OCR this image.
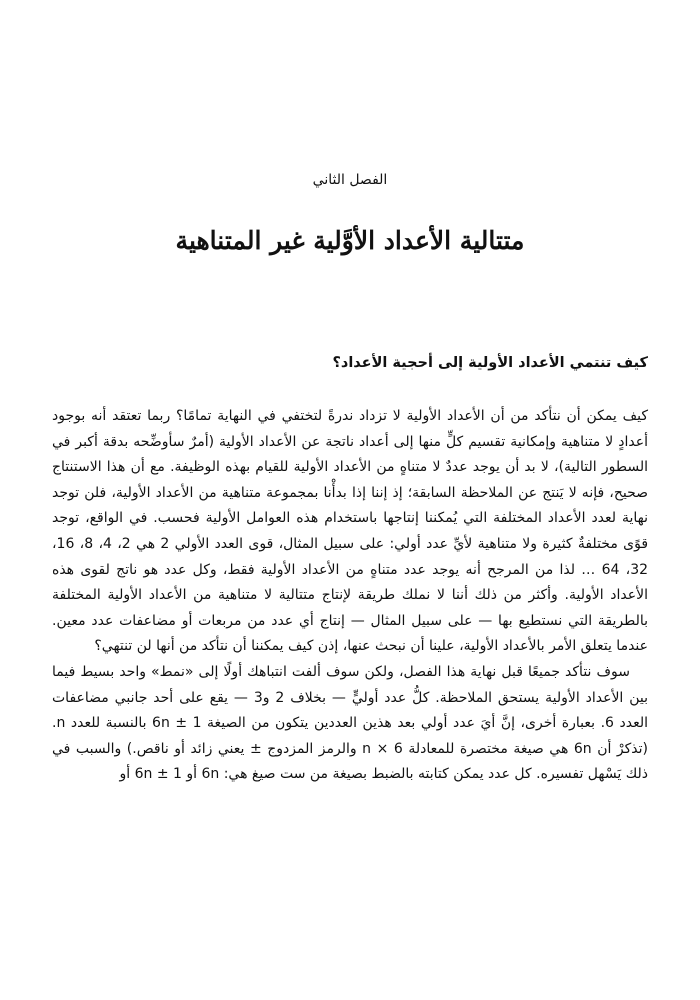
الفصل الثاني
متتالية الأعداد الأوَّلية غير المتناهية
كيف تنتمي الأعداد الأولية إلى أحجية الأعداد؟

كيف يمكن أن نتأكد من أن الأعداد الأولية لا تزداد ندرةً لتختفي في النهاية تمامًا؟ ربما تعتقد أنه بوجود أعدادٍ لا متناهية وإمكانية تقسيم كلٍّ منها إلى أعداد ناتجة عن الأعداد الأولية (أمرٌ سأوضِّحه بدقة أكبر في السطور التالية)، لا بد أن يوجد عددٌ لا متناهٍ من الأعداد الأولية للقيام بهذه الوظيفة. مع أن هذا الاستنتاج صحيح، فإنه لا يَنتج عن الملاحظة السابقة؛ إذ إننا إذا بدأْنا بمجموعة متناهية من الأعداد الأولية، فلن توجد نهاية لعدد الأعداد المختلفة التي يُمكننا إنتاجها باستخدام هذه العوامل الأولية فحسب. في الواقع، توجد قوًى مختلفةٌ كثيرة ولا متناهية لأيِّ عدد أولي: على سبيل المثال، قوى العدد الأولي 2 هي 2، 4، 8، 16، 32، 64 … لذا من المرجح أنه يوجد عدد متناهٍ من الأعداد الأولية فقط، وكل عدد هو ناتج لقوى هذه الأعداد الأولية. وأكثر من ذلك أننا لا نملك طريقة لإنتاج متتالية لا متناهية من الأعداد الأولية المختلفة بالطريقة التي نستطيع بها — على سبيل المثال — إنتاج أي عدد من مربعات أو مضاعفات عدد معين. عندما يتعلق الأمر بالأعداد الأولية، علينا أن نبحث عنها، إذن كيف يمكننا أن نتأكد من أنها لن تنتهي؟

سوف نتأكد جميعًا قبل نهاية هذا الفصل، ولكن سوف ألفت انتباهك أولًا إلى «نمط» واحد بسيط فيما بين الأعداد الأولية يستحق الملاحظة. كلُّ عدد أوليٍّ — بخلاف 2 و3 — يقع على أحد جانبي مضاعفات العدد 6. بعبارة أخرى، إنَّ أيَ عدد أولي بعد هذين العددين يتكون من الصيغة 6n ± 1 بالنسبة للعدد n. (تذكرْ أن 6n هي صيغة مختصرة للمعادلة 6 × n والرمز المزدوج ± يعني زائد أو ناقص.) والسبب في ذلك يَسْهل تفسيره. كل عدد يمكن كتابته بالضبط بصيغة من ست صيغ هي: 6n أو 6n ± 1 أو
